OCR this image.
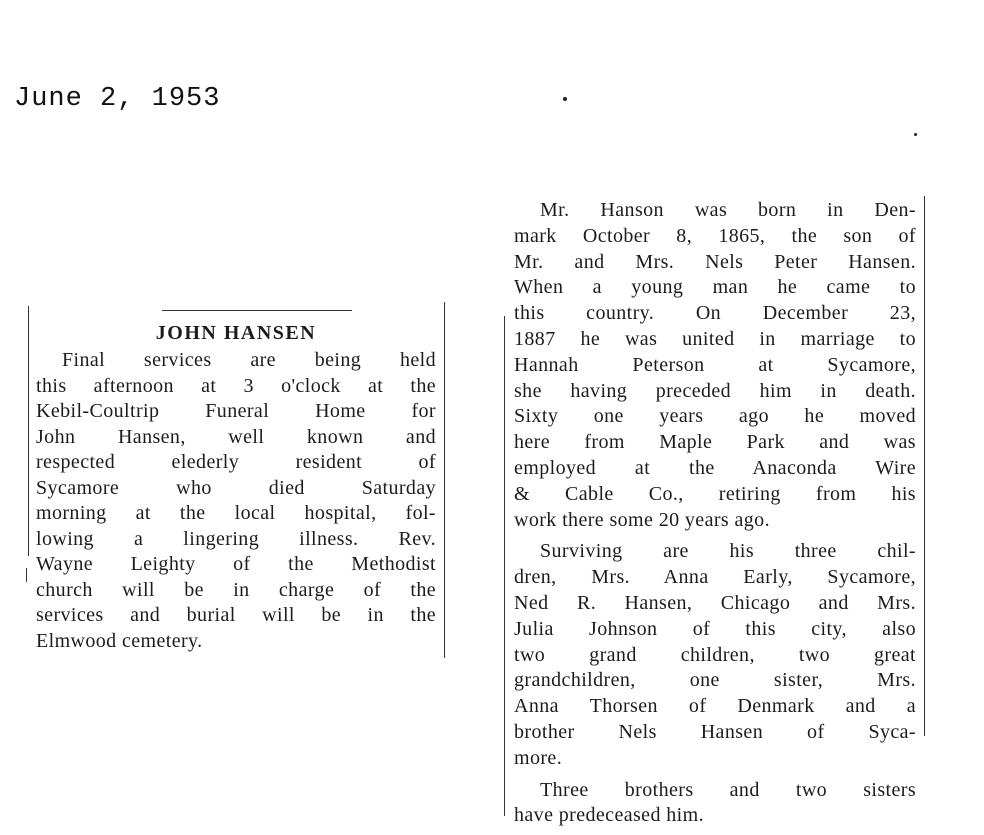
June 2, 1953
JOHN HANSEN
Final services are being held
this afternoon at 3 o'clock at the
Kebil-Coultrip Funeral Home for
John Hansen, well known and
respected elederly resident of
Sycamore who died Saturday
morning at the local hospital, fol-
lowing a lingering illness. Rev.
Wayne Leighty of the Methodist
church will be in charge of the
services and burial will be in the
Elmwood cemetery.
Mr. Hanson was born in Den-
mark October 8, 1865, the son of
Mr. and Mrs. Nels Peter Hansen.
When a young man he came to
this country. On December 23,
1887 he was united in marriage to
Hannah Peterson at Sycamore,
she having preceded him in death.
Sixty one years ago he moved
here from Maple Park and was
employed at the Anaconda Wire
& Cable Co., retiring from his
work there some 20 years ago.
Surviving are his three chil-
dren, Mrs. Anna Early, Sycamore,
Ned R. Hansen, Chicago and Mrs.
Julia Johnson of this city, also
two grand children, two great
grandchildren, one sister, Mrs.
Anna Thorsen of Denmark and a
brother Nels Hansen of Syca-
more.
Three brothers and two sisters
have predeceased him.
